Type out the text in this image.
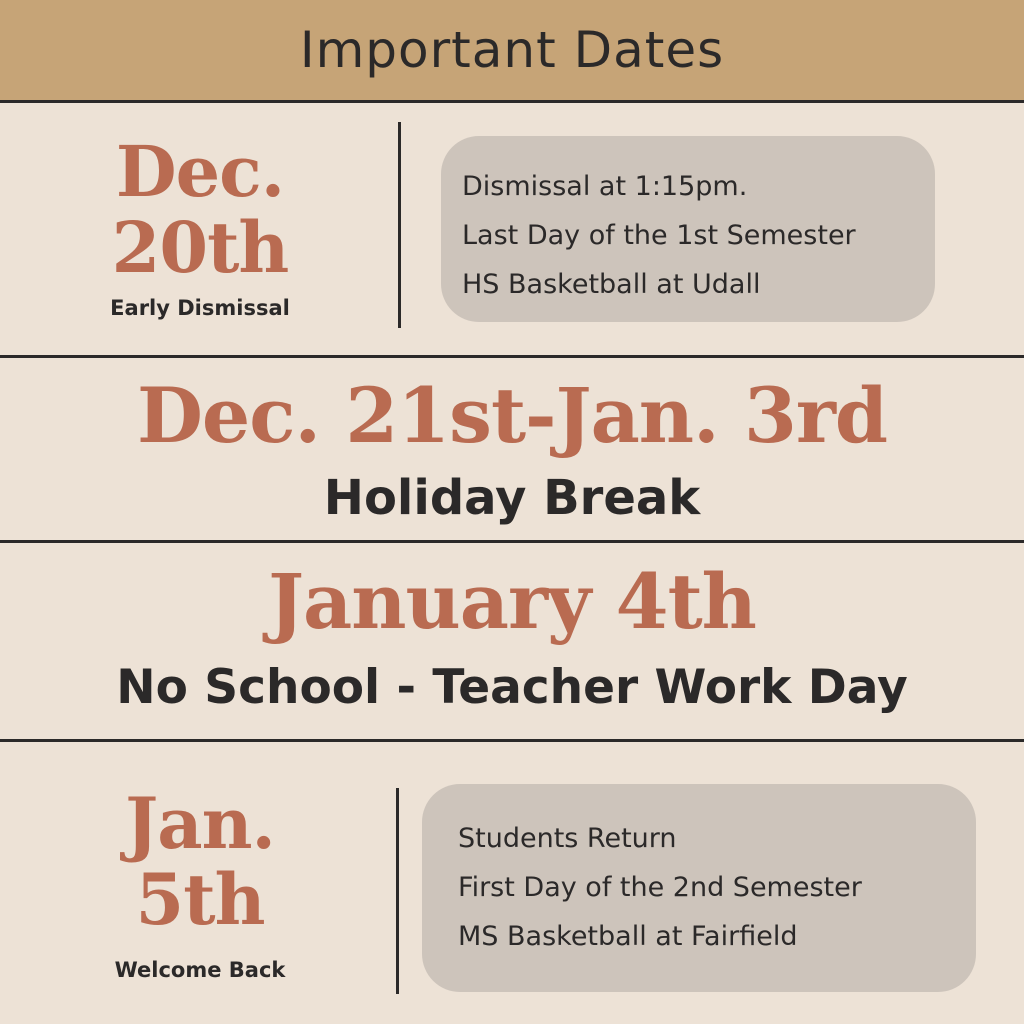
Important Dates
Dec.
20th
Early Dismissal
Dismissal at 1:15pm.
Last Day of the 1st Semester
HS Basketball at Udall
Dec. 21st-Jan. 3rd
Holiday Break
January 4th
No School - Teacher Work Day
Jan.
5th
Welcome Back
Students Return
First Day of the 2nd Semester
MS Basketball at Fairfield
